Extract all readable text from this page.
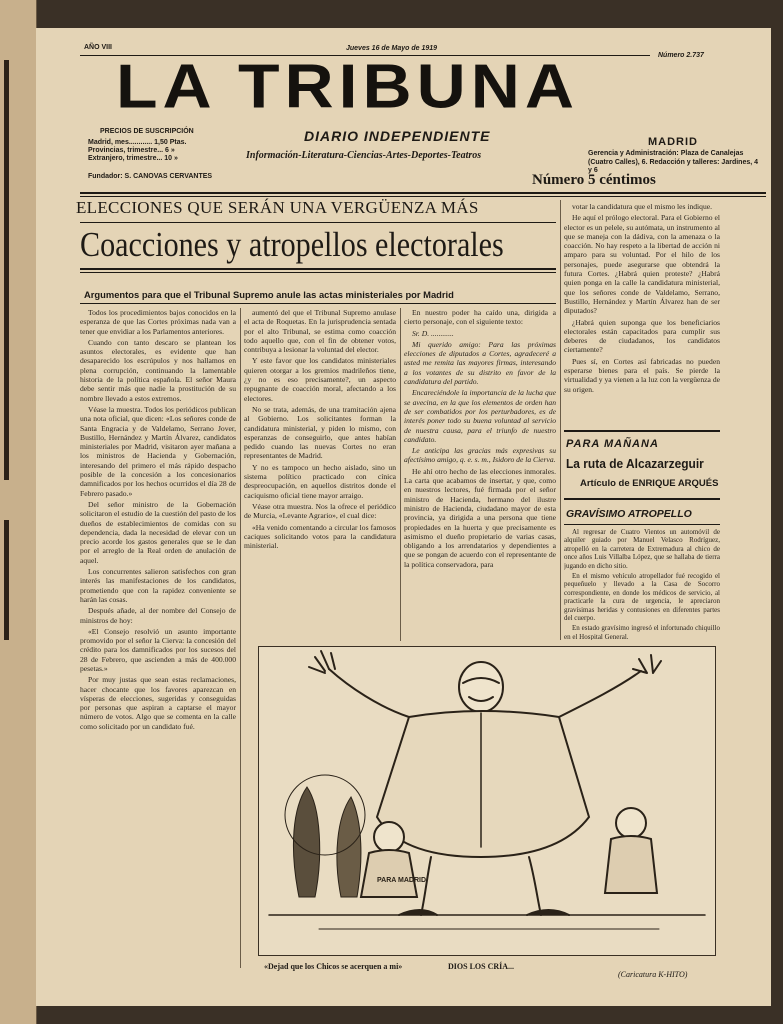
AÑO VIII	Jueves 16 de Mayo de 1919
Número 2.737
LA TRIBUNA
DIARIO INDEPENDIENTE
Información-Literatura-Ciencias-Artes-Deportes-Teatros
PRECIOS DE SUSCRIPCIÓN
Madrid, mes............ 1,50 Ptas.
Provincias, trimestre... 6 »
Extranjero, trimestre... 10 »
Fundador: S. CANOVAS CERVANTES
MADRID
Gerencia y Administración: Plaza de Canalejas (Cuatro Calles), 6. Redacción y talleres: Jardines, 4 y 6
Número 5 céntimos
ELECCIONES QUE SERÁN UNA VERGÜENZA MÁS
Coacciones y atropellos electorales
Argumentos para que el Tribunal Supremo anule las actas ministeriales por Madrid

Todos los procedimientos bajos conocidos en la esperanza de que las Cortes próximas nada van a tener que envidiar a los Parlamentos anteriores.

Cuando con tanto descaro se plantean los asuntos electorales, es evidente que han desaparecido los escrúpulos y nos hallamos en plena corrupción, continuando la lamentable historia de la política española. El señor Maura debe sentir más que nadie la prostitución de su nombre llevado a estos extremos.

Véase la muestra. Todos los periódicos publican una nota oficial, que dicen: «Los señores conde de Santa Engracia y de Valdelamo, Serrano Jover, Bustillo, Hernández y Martín Álvarez, candidatos ministeriales por Madrid, visitaron ayer mañana a los ministros de Hacienda y Gobernación, interesando del primero el más rápido despacho posible de la concesión a los concesionarios damnificados por los hechos ocurridos el día 28 de Febrero pasado.»

Del señor ministro de la Gobernación solicitaron el estudio de la cuestión del pasto de los dueños de establecimientos de comidas con su dependencia, dada la necesidad de elevar con un precio acorde los gastos generales que se le dan por el arreglo de la Real orden de anulación de aquel.

Los concurrentes salieron satisfechos con gran interés las manifestaciones de los candidatos, prometiendo que con la rapidez conveniente se harán las cosas.

Después añade, al der nombre del Consejo de ministros de hoy:

«El Consejo resolvió un asunto importante promovido por el señor la Cierva: la concesión del crédito para los damnificados por los sucesos del 28 de Febrero, que ascienden a más de 400.000 pesetas.»

Por muy justas que sean estas reclamaciones, hacer chocante que los favores aparezcan en vísperas de elecciones, sugeridas y conseguidas por personas que aspiran a captarse el mayor número de votos. Algo que se comenta en la calle como solicitado por un candidato fué.

aumentó del que el Tribunal Supremo anulase el acta de Roquetas. En la jurisprudencia sentada por el alto Tribunal, se estima como coacción todo aquello que, con el fin de obtener votos, contribuya a lesionar la voluntad del elector.

Y este favor que los candidatos ministeriales quieren otorgar a los gremios madrileños tiene, ¿y no es eso precisamente?, un aspecto repugnante de coacción moral, afectando a los electores.

No se trata, además, de una tramitación ajena al Gobierno. Los solicitantes forman la candidatura ministerial, y piden lo mismo, con esperanzas de conseguirlo, que antes habían pedido cuando las nuevas Cortes no eran representantes de Madrid.

Y no es tampoco un hecho aislado, sino un sistema político practicado con cínica despreocupación, en aquellos distritos donde el caciquismo oficial tiene mayor arraigo.

Véase otra muestra. Nos la ofrece el periódico de Murcia, «Levante Agrario», el cual dice:

«Ha venido comentando a circular los famosos caciques solicitando votos para la candidatura ministerial.

En nuestro poder ha caído una, dirigida a cierto personaje, con el siguiente texto:

Sr. D. ............

Mi querido amigo: Para las próximas elecciones de diputados a Cortes, agradeceré a usted me remita las mayores firmas, interesando a los votantes de su distrito en favor de la candidatura del partido.

Encareciéndole la importancia de la lucha que se avecina, en la que los elementos de orden han de ser combatidos por los perturbadores, es de interés poner todo su buena voluntad al servicio de nuestra causa, para el triunfo de nuestro candidato.

Le anticipa las gracias más expresivas su afectísimo amigo, q. e. s. m., Isidoro de la Cierva.

He ahí otro hecho de las elecciones inmorales. La carta que acabamos de insertar, y que, como en nuestros lectores, fué firmada por el señor ministro de Hacienda, hermano del ilustre ministro de Hacienda, ciudadano mayor de esta provincia, ya dirigida a una persona que tiene propiedades en la huerta y que precisamente es asimismo el dueño propietario de varias casas, obligando a los arrendatarios y dependientes a que se pongan de acuerdo con el representante de la política conservadora, para

votar la candidatura que el mismo les indique.

He aquí el prólogo electoral. Para el Gobierno el elector es un pelele, su autómata, un instrumento al que se maneja con la dádiva, con la amenaza o la coacción. No hay respeto a la libertad de acción ni amparo para su voluntad. Por el hilo de los personajes, puede asegurarse que obtendrá la futura Cortes. ¿Habrá quien proteste? ¿Habrá quien ponga en la calle la candidatura ministerial, que los señores conde de Valdelamo, Serrano, Bustillo, Hernández y Martín Álvarez han de ser diputados?

¿Habrá quien suponga que los beneficiarios electorales están capacitados para cumplir sus deberes de ciudadanos, los candidatos ciertamente?

Pues sí, en Cortes así fabricadas no pueden esperarse bienes para el país. Se pierde la virtualidad y ya vienen a la luz con la vergüenza de su origen.

PARA MAÑANA
La ruta de Alcazarzeguir
Artículo de ENRIQUE ARQUÉS
GRAVÍSIMO ATROPELLO

Al regresar de Cuatro Vientos un automóvil de alquiler guiado por Manuel Velasco Rodríguez, atropelló en la carretera de Extremadura al chico de once años Luis Villalba López, que se hallaba de tierra jugando en dicho sitio.

En el mismo vehículo atropellador fué recogido el pequeñuelo y llevado a la Casa de Socorro correspondiente, en donde los médicos de servicio, al practicarle la cura de urgencia, le apreciaron gravísimas heridas y contusiones en diferentes partes del cuerpo.

En estado gravísimo ingresó el infortunado chiquillo en el Hospital General.

PARA MADRID
«Dejad que los Chicos se acerquen a mi»	DIOS LOS CRÍA...
(Caricatura K-HITO)
